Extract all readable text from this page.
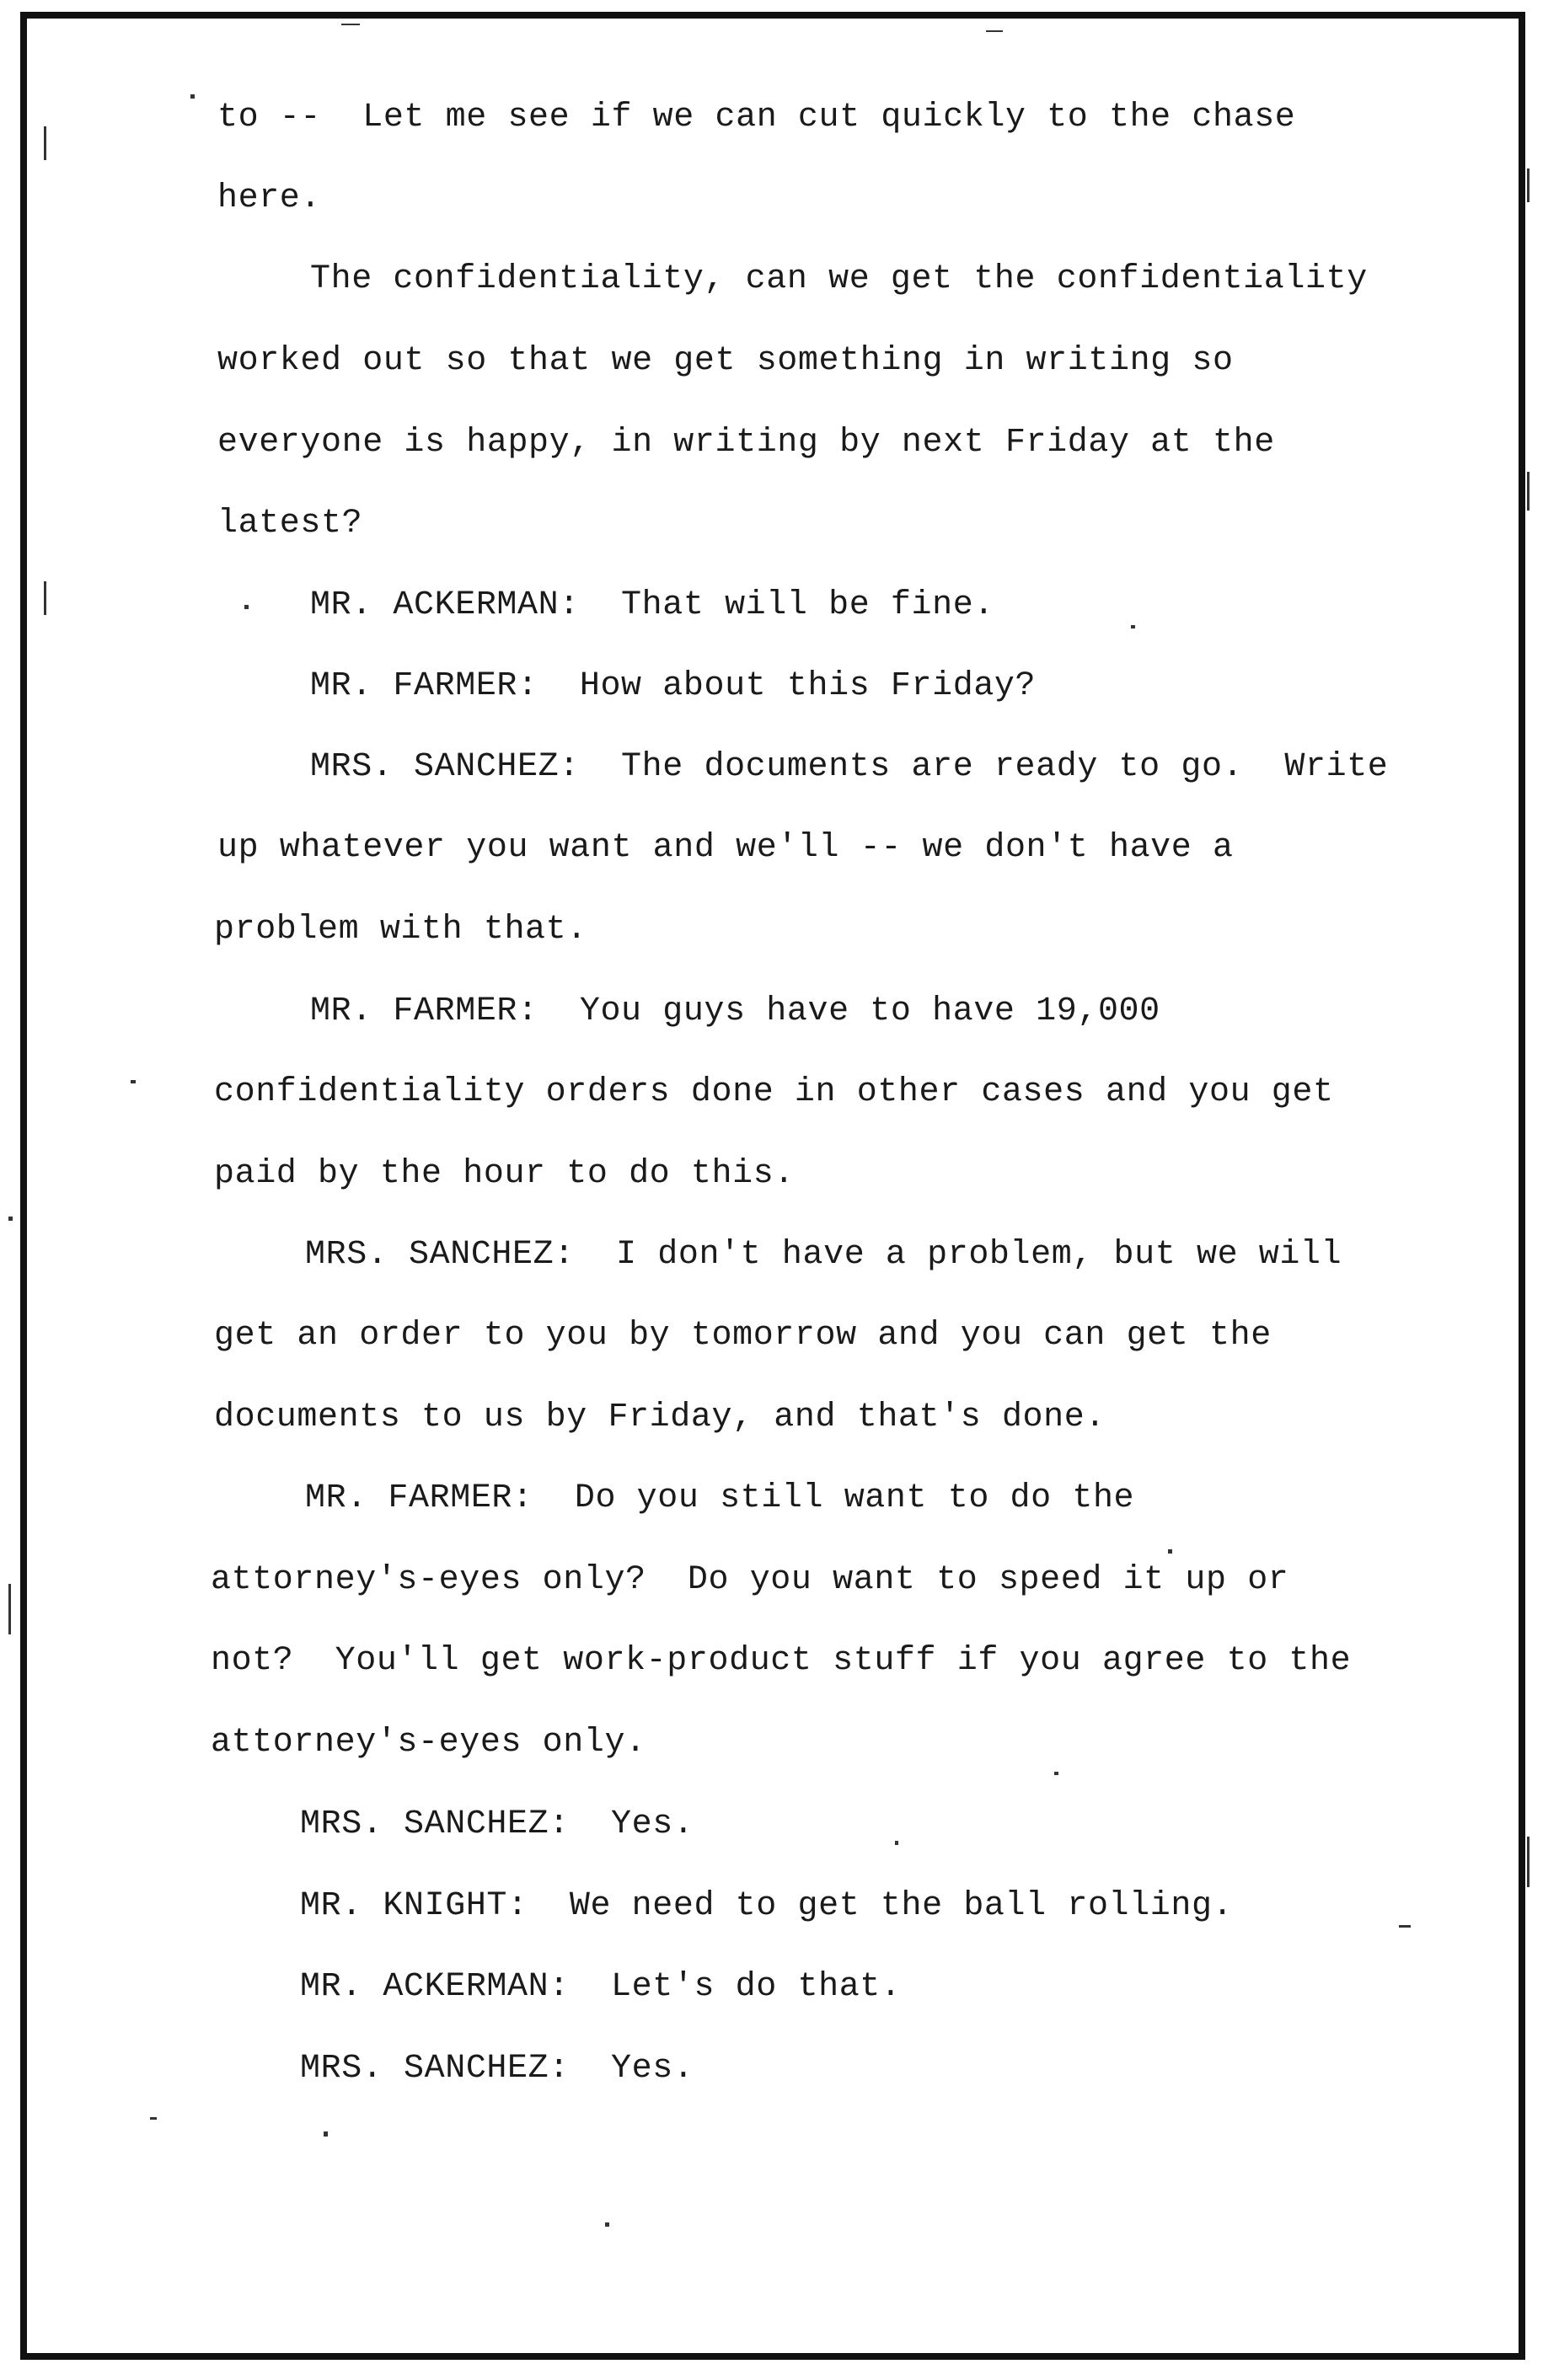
to --  Let me see if we can cut quickly to the chase
here.
The confidentiality, can we get the confidentiality
worked out so that we get something in writing so
everyone is happy, in writing by next Friday at the
latest?
MR. ACKERMAN:  That will be fine.
MR. FARMER:  How about this Friday?
MRS. SANCHEZ:  The documents are ready to go.  Write
up whatever you want and we'll -- we don't have a
problem with that.
MR. FARMER:  You guys have to have 19,000
confidentiality orders done in other cases and you get
paid by the hour to do this.
MRS. SANCHEZ:  I don't have a problem, but we will
get an order to you by tomorrow and you can get the
documents to us by Friday, and that's done.
MR. FARMER:  Do you still want to do the
attorney's-eyes only?  Do you want to speed it up or
not?  You'll get work-product stuff if you agree to the
attorney's-eyes only.
MRS. SANCHEZ:  Yes.
MR. KNIGHT:  We need to get the ball rolling.
MR. ACKERMAN:  Let's do that.
MRS. SANCHEZ:  Yes.
